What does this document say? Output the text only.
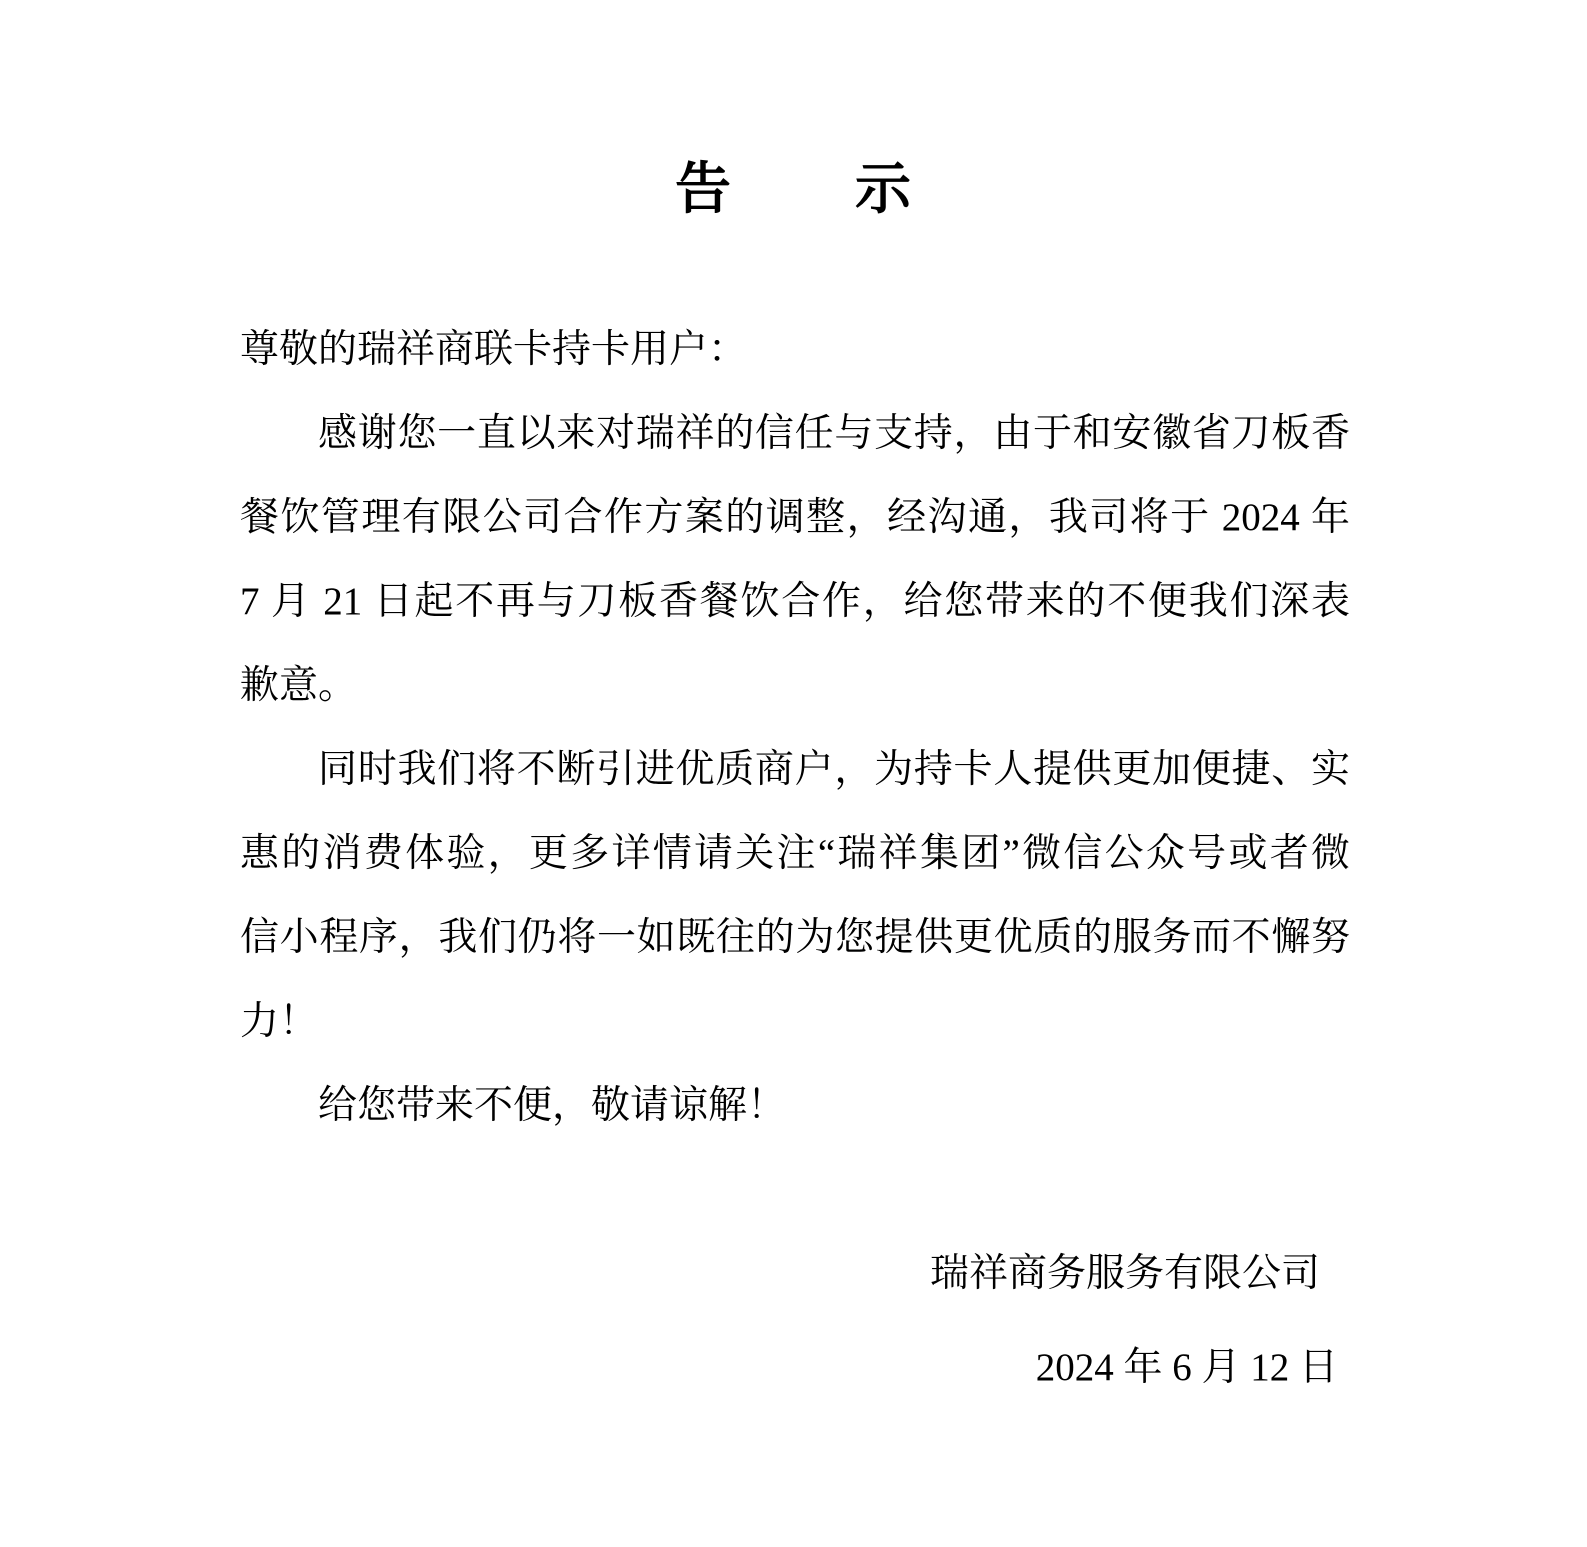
告　　示
尊敬的瑞祥商联卡持卡用户：
感谢您一直以来对瑞祥的信任与支持，由于和安徽省刀板香
餐饮管理有限公司合作方案的调整，经沟通，我司将于 2024 年
7 月 21 日起不再与刀板香餐饮合作，给您带来的不便我们深表
歉意。
同时我们将不断引进优质商户，为持卡人提供更加便捷、实
惠的消费体验，更多详情请关注“瑞祥集团”微信公众号或者微
信小程序，我们仍将一如既往的为您提供更优质的服务而不懈努
力！
给您带来不便，敬请谅解！
瑞祥商务服务有限公司
2024 年 6 月 12 日
